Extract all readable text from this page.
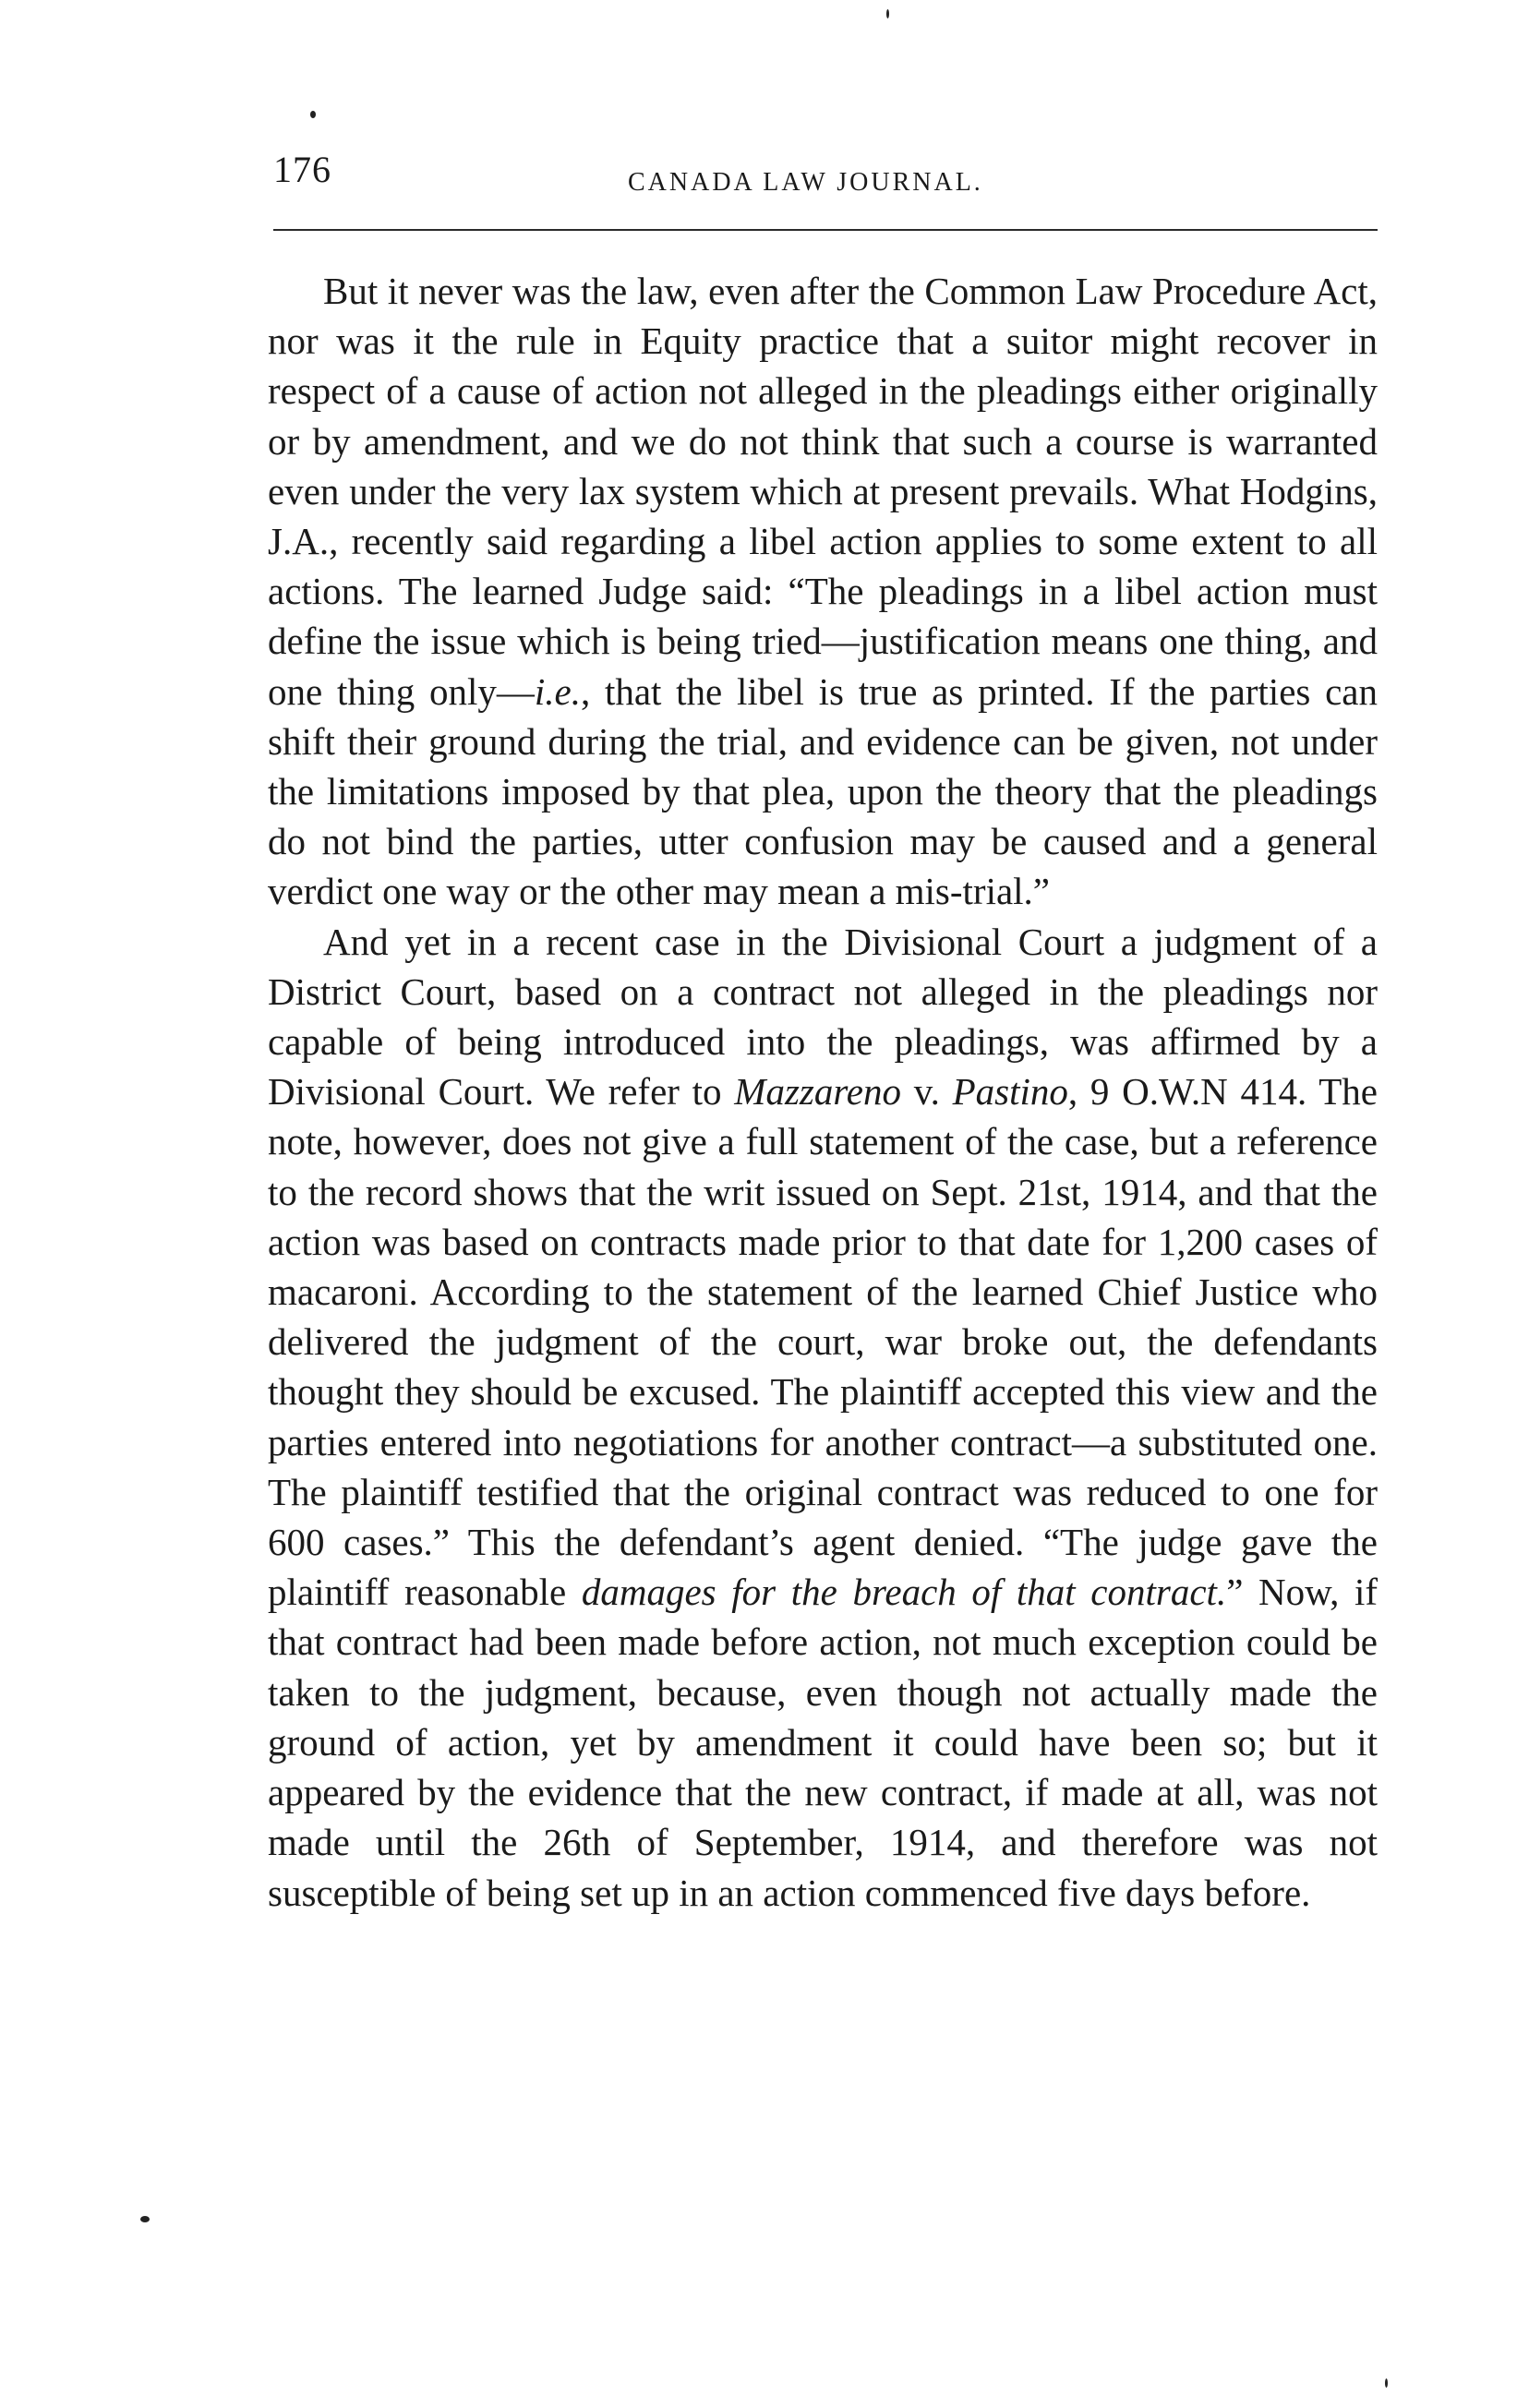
176	CANADA LAW JOURNAL.

But it never was the law, even after the Common Law Procedure Act, nor was it the rule in Equity practice that a suitor might recover in respect of a cause of action not alleged in the pleadings either originally or by amendment, and we do not think that such a course is warranted even under the very lax system which at present prevails. What Hodgins, J.A., recently said regarding a libel action applies to some extent to all actions. The learned Judge said: “The pleadings in a libel action must define the issue which is being tried—justification means one thing, and one thing only—i.e., that the libel is true as printed. If the parties can shift their ground during the trial, and evidence can be given, not under the limitations imposed by that plea, upon the theory that the pleadings do not bind the parties, utter confusion may be caused and a general verdict one way or the other may mean a mis-trial.”

And yet in a recent case in the Divisional Court a judgment of a District Court, based on a contract not alleged in the pleadings nor capable of being introduced into the pleadings, was affirmed by a Divisional Court. We refer to Mazzareno v. Pastino, 9 O.W.N 414. The note, however, does not give a full statement of the case, but a reference to the record shows that the writ issued on Sept. 21st, 1914, and that the action was based on contracts made prior to that date for 1,200 cases of macaroni. According to the statement of the learned Chief Justice who delivered the judgment of the court, war broke out, the defendants thought they should be excused. The plaintiff accepted this view and the parties entered into negotiations for another contract—a substituted one. The plaintiff testified that the original contract was reduced to one for 600 cases.” This the defendant’s agent denied. “The judge gave the plaintiff reasonable damages for the breach of that contract.” Now, if that contract had been made before action, not much exception could be taken to the judgment, because, even though not actually made the ground of action, yet by amendment it could have been so; but it appeared by the evidence that the new contract, if made at all, was not made until the 26th of September, 1914, and therefore was not susceptible of being set up in an action commenced five days before.
